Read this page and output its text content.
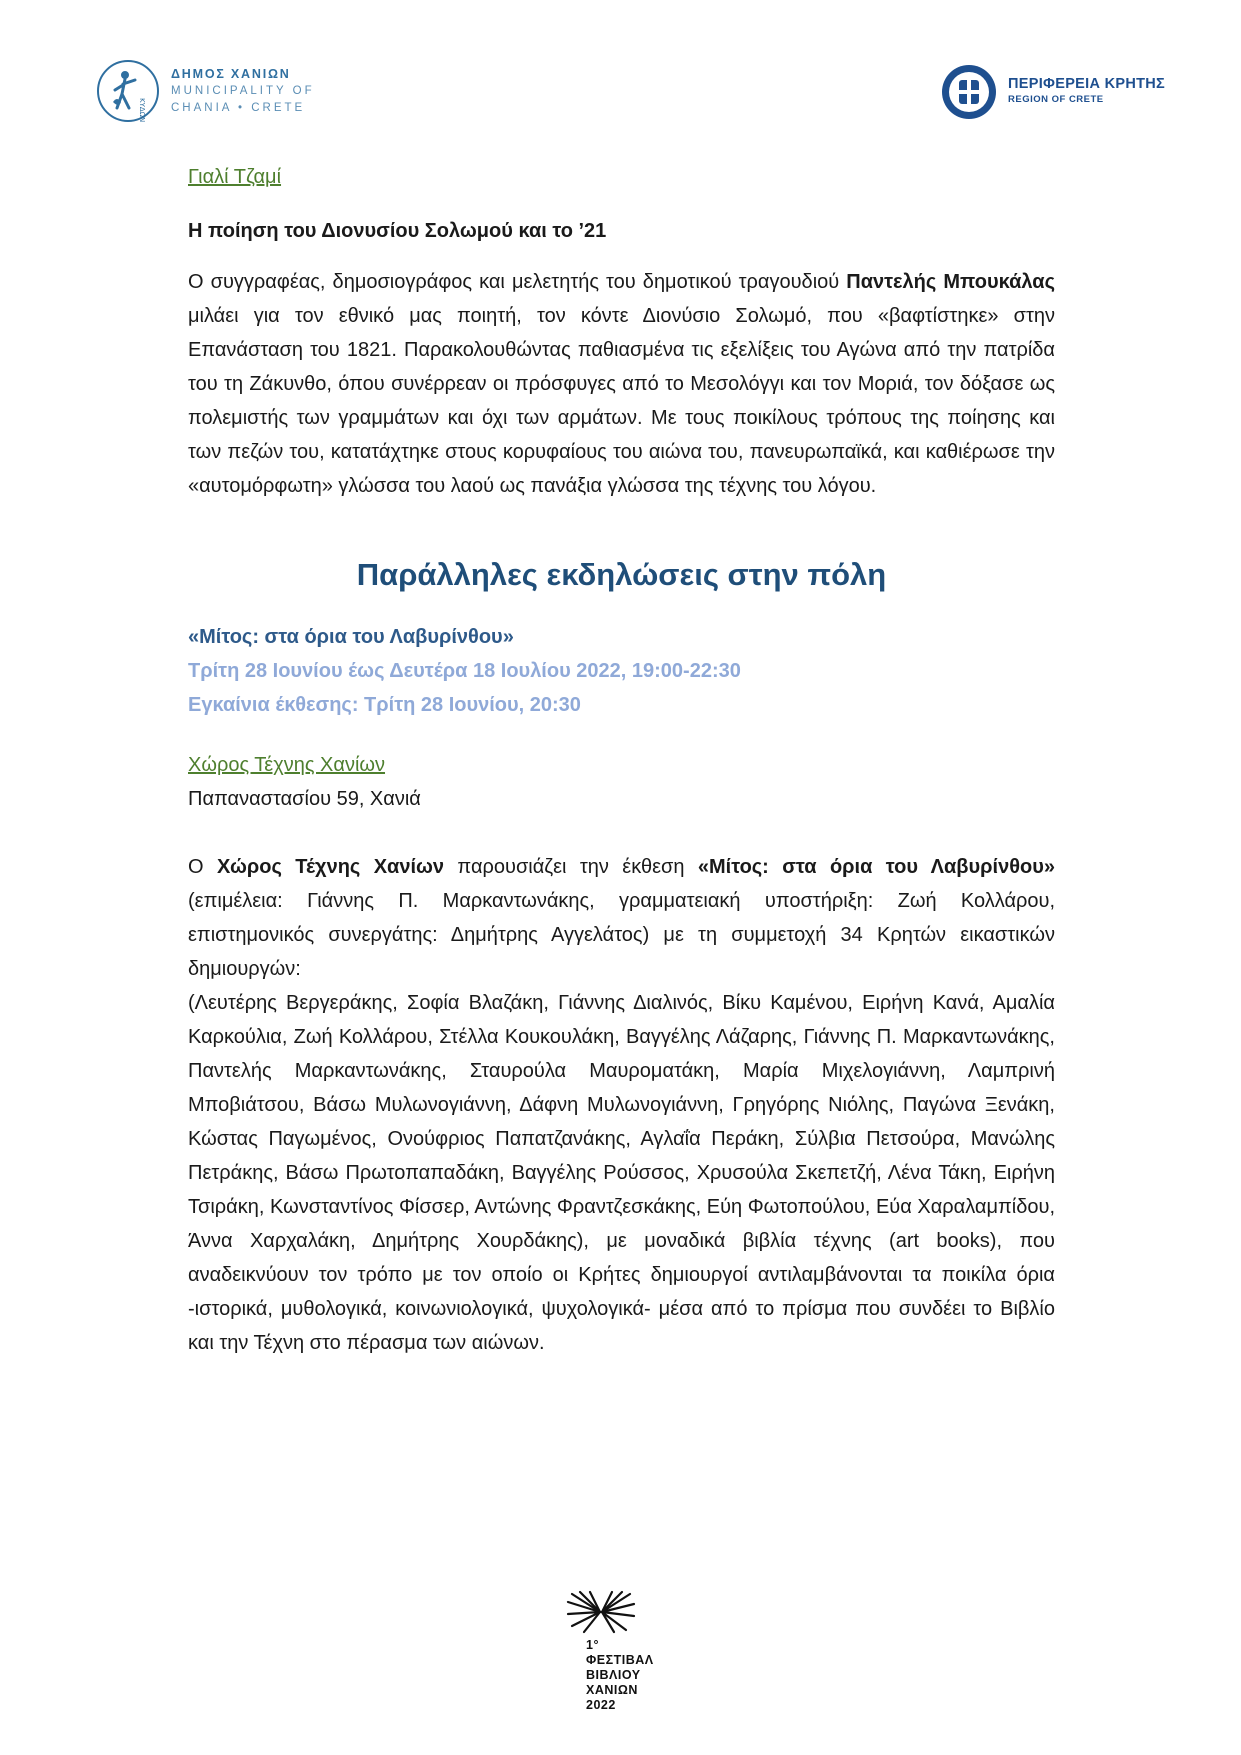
ΚΥΔΩΝ
ΔΗΜΟΣ ΧΑΝΙΩΝ
MUNICIPALITY OF
CHANIA • CRETE
ΠΕΡΙΦΕΡΕΙΑ ΚΡΗΤΗΣ
REGION OF CRETE

Γιαλί Τζαμί

Η ποίηση του Διονυσίου Σολωμού και το ’21

Ο συγγραφέας, δημοσιογράφος και μελετητής του δημοτικού τραγουδιού Παντελής Μπουκάλας μιλάει για τον εθνικό μας ποιητή, τον κόντε Διονύσιο Σολωμό, που «βαφτίστηκε» στην Επανάσταση του 1821. Παρακολουθώντας παθιασμένα τις εξελίξεις του Αγώνα από την πατρίδα του τη Ζάκυνθο, όπου συνέρρεαν οι πρόσφυγες από το Μεσολόγγι και τον Μοριά, τον δόξασε ως πολεμιστής των γραμμάτων και όχι των αρμάτων. Με τους ποικίλους τρόπους της ποίησης και των πεζών του, κατατάχτηκε στους κορυφαίους του αιώνα του, πανευρωπαϊκά, και καθιέρωσε την «αυτομόρφωτη» γλώσσα του λαού ως πανάξια γλώσσα της τέχνης του λόγου.

Παράλληλες εκδηλώσεις στην πόλη

«Μίτος: στα όρια του Λαβυρίνθου»

Τρίτη 28 Ιουνίου έως Δευτέρα 18 Ιουλίου 2022, 19:00-22:30

Εγκαίνια έκθεσης: Τρίτη 28 Ιουνίου, 20:30

Χώρος Τέχνης Χανίων

Παπαναστασίου 59, Χανιά

Ο Χώρος Τέχνης Χανίων παρουσιάζει την έκθεση «Μίτος: στα όρια του Λαβυρίνθου» (επιμέλεια: Γιάννης Π. Μαρκαντωνάκης, γραμματειακή υποστήριξη: Ζωή Κολλάρου, επιστημονικός συνεργάτης: Δημήτρης Αγγελάτος) με τη συμμετοχή 34 Κρητών εικαστικών δημιουργών:

(Λευτέρης Βεργεράκης, Σοφία Βλαζάκη, Γιάννης Διαλινός, Βίκυ Καμένου, Ειρήνη Κανά, Αμαλία Καρκούλια, Ζωή Κολλάρου, Στέλλα Κουκουλάκη, Βαγγέλης Λάζαρης, Γιάννης Π. Μαρκαντωνάκης, Παντελής Μαρκαντωνάκης, Σταυρούλα Μαυροματάκη, Μαρία Μιχελογιάννη, Λαμπρινή Μποβιάτσου, Βάσω Μυλωνογιάννη, Δάφνη Μυλωνογιάννη, Γρηγόρης Νιόλης, Παγώνα Ξενάκη, Κώστας Παγωμένος, Ονούφριος Παπατζανάκης, Αγλαΐα Περάκη, Σύλβια Πετσούρα, Μανώλης Πετράκης, Βάσω Πρωτοπαπαδάκη, Βαγγέλης Ρούσσος, Χρυσούλα Σκεπετζή, Λένα Τάκη, Ειρήνη Τσιράκη, Κωνσταντίνος Φίσσερ, Αντώνης Φραντζεσκάκης, Εύη Φωτοπούλου, Εύα Χαραλαμπίδου, Άννα Χαρχαλάκη, Δημήτρης Χουρδάκης), με μοναδικά βιβλία τέχνης (art books), που αναδεικνύουν τον τρόπο με τον οποίο οι Κρήτες δημιουργοί αντιλαμβάνονται τα ποικίλα όρια -ιστορικά, μυθολογικά, κοινωνιολογικά, ψυχολογικά- μέσα από το πρίσμα που συνδέει το Βιβλίο και την Τέχνη στο πέρασμα των αιώνων.

1°
ΦΕΣΤΙΒΑΛ
ΒΙΒΛΙΟΥ
ΧΑΝΙΩΝ
2022
